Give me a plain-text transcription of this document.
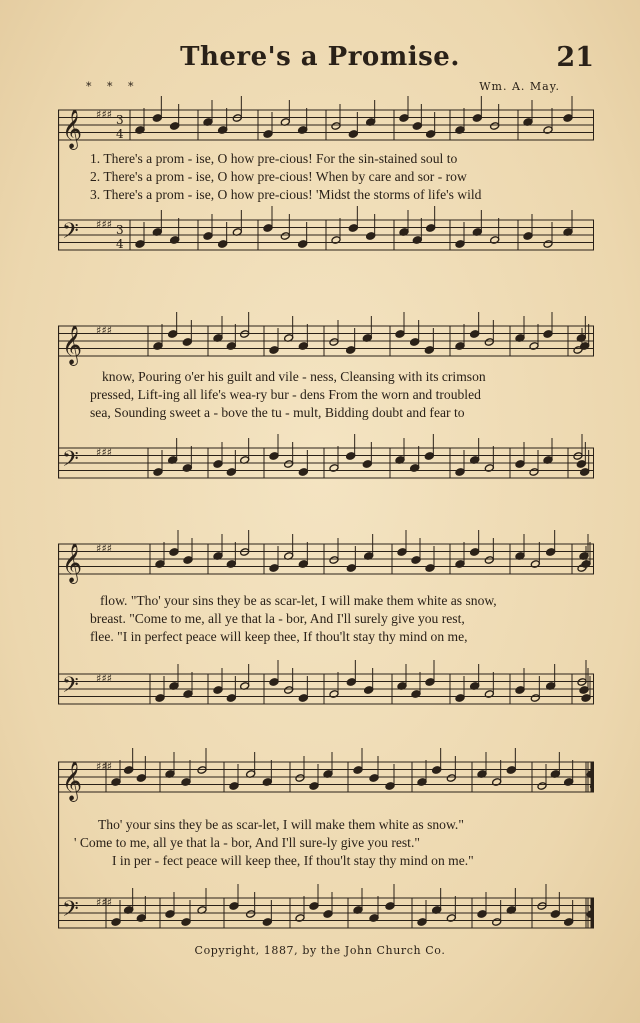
There's a Promise.	21
* * *	Wm. A. May.
𝄞 ♯♯♯ 3
4
𝄢 ♯♯♯ 3
4
1. There's a prom - ise, O how pre-cious! For the sin-stained soul to
2. There's a prom - ise, O how pre-cious! When by care and sor - row
3. There's a prom - ise, O how pre-cious! 'Midst the storms of life's wild
𝄞 ♯♯♯
𝄢 ♯♯♯
know, Pouring o'er his guilt and vile - ness, Cleansing with its crimson
pressed, Lift-ing all life's wea-ry bur - dens From the worn and troubled
sea, Sounding sweet a - bove the tu - mult, Bidding doubt and fear to
𝄞 ♯♯♯
𝄢 ♯♯♯
flow. "Tho' your sins they be as scar-let, I will make them white as snow,
breast. "Come to me, all ye that la - bor, And I'll surely give you rest,
flee. "I in perfect peace will keep thee, If thou'lt stay thy mind on me,
𝄞 ♯♯♯
𝄢 ♯♯♯
Tho' your sins they be as scar-let, I will make them white as snow."
' Come to me, all ye that la - bor, And I'll sure-ly give you rest."
I in per - fect peace will keep thee, If thou'lt stay thy mind on me."
Copyright, 1887, by the John Church Co.
